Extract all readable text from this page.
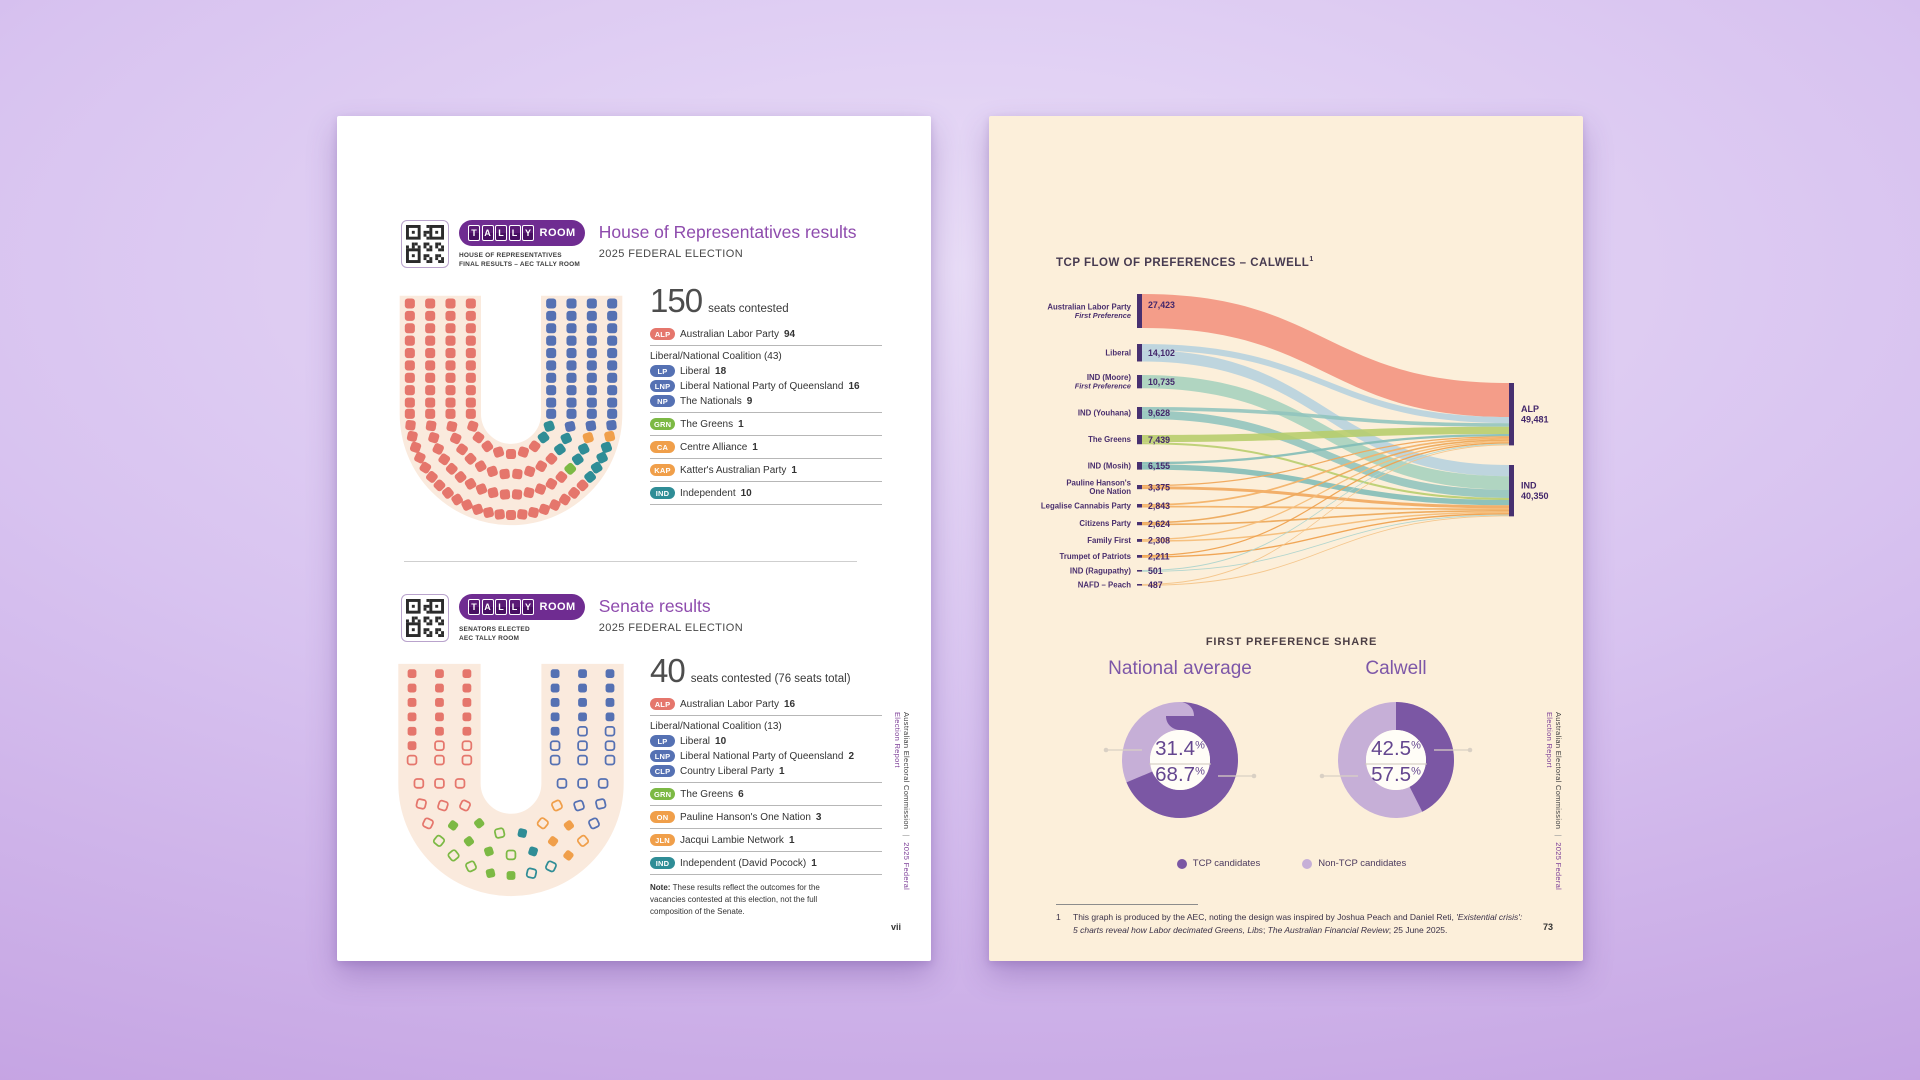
T A L L Y ROOM
HOUSE OF REPRESENTATIVES
FINAL RESULTS – AEC TALLY ROOM
House of Representatives results
2025 FEDERAL ELECTION
150 seats contested
ALP Australian Labor Party 94
Liberal/National Coalition (43)
LP	Liberal 18
LNP Liberal National Party of Queensland 16
NP	The Nationals 9
GRN The Greens 1
CA	Centre Alliance 1
KAP Katter's Australian Party 1
IND	Independent 10
T A L L Y ROOM
SENATORS ELECTED
AEC TALLY ROOM
Senate results
2025 FEDERAL ELECTION
40 seats contested (76 seats total)
ALP Australian Labor Party 16
Liberal/National Coalition (13)
LP	Liberal 10
LNP Liberal National Party of Queensland 2
CLP Country Liberal Party 1
GRN The Greens 6
ON	Pauline Hanson's One Nation 3
JLN	Jacqui Lambie Network 1
IND	Independent (David Pocock) 1
Note: These results reflect the outcomes for the vacancies contested at this election, not the full composition of the Senate.
Australian Electoral Commission | 2025 Federal Election Report
vii
TCP FLOW OF PREFERENCES – CALWELL$^1$
Australian Labor Party
First Preference
27,423
Liberal 14,102
IND (Moore)
First Preference 10,735
IND (Youhana) 9,628
The Greens 7,439
IND (Mosih) 6,155
Pauline Hanson's
One Nation 3,375
Legalise Cannabis Party 2,843
Citizens Party 2,624
Family First 2,308
Trumpet of Patriots 2,211
IND (Ragupathy) 501
NAFD – Peach 487
ALP
49,481
IND
40,350
FIRST PREFERENCE SHARE
National average
31.4%
68.7%
Calwell
42.5%
57.5%
TCP candidates	Non-TCP candidates
1 This graph is produced by the AEC, noting the design was inspired by Joshua Peach and Daniel Reti, 'Existential crisis': 5 charts reveal how Labor decimated Greens, Libs; The Australian Financial Review; 25 June 2025.
Australian Electoral Commission | 2025 Federal Election Report
73
